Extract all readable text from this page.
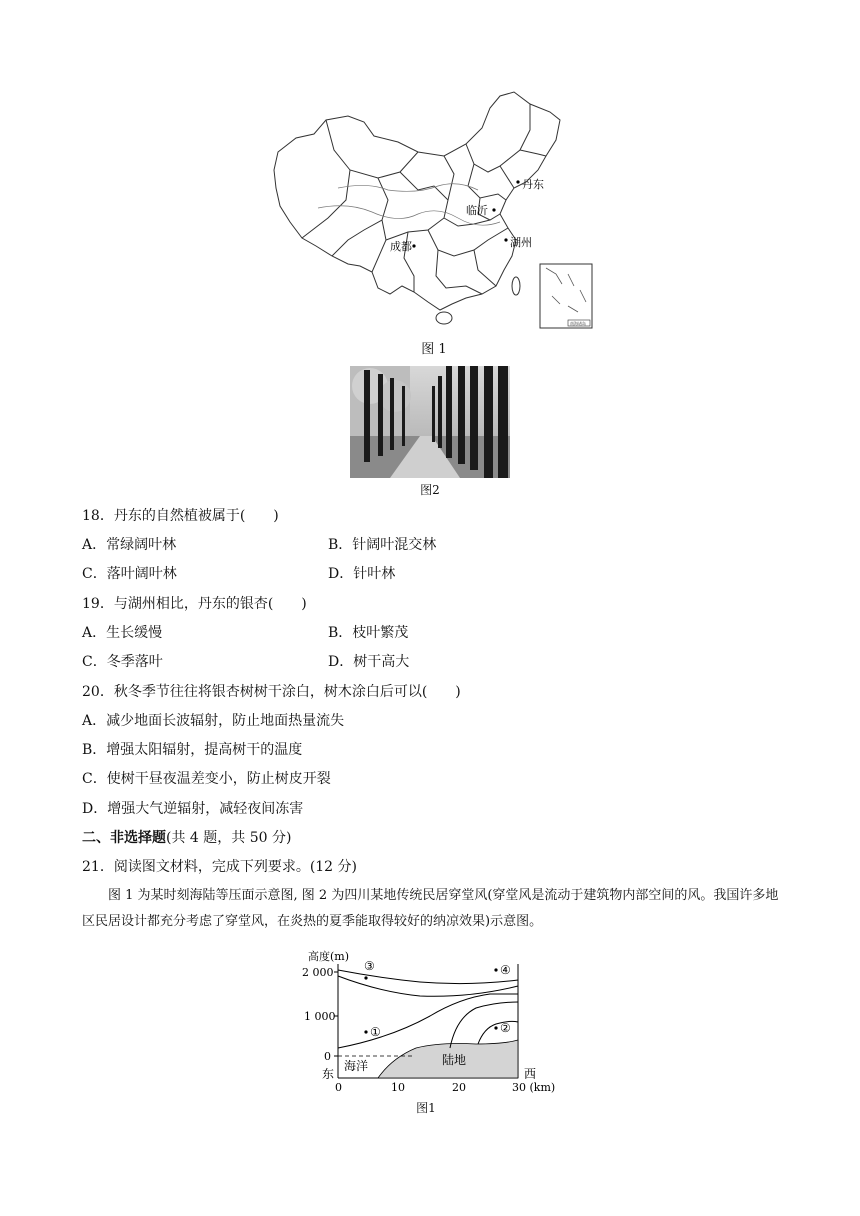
南海诸岛
丹东
临沂
成都	湖州
图 1
图2
18．丹东的自然植被属于(　　)
A．常绿阔叶林	B．针阔叶混交林
C．落叶阔叶林	D．针叶林
19．与湖州相比，丹东的银杏(　　)
A．生长缓慢	B．枝叶繁茂
C．冬季落叶	D．树干高大
20．秋冬季节往往将银杏树树干涂白，树木涂白后可以(　　)
A．减少地面长波辐射，防止地面热量流失
B．增强太阳辐射，提高树干的温度
C．使树干昼夜温差变小，防止树皮开裂
D．增强大气逆辐射，减轻夜间冻害
二、非选择题(共 4 题，共 50 分)
21．阅读图文材料，完成下列要求。(12 分)
图 1 为某时刻海陆等压面示意图, 图 2 为四川某地传统民居穿堂风(穿堂风是流动于建筑物内部空间的风。我国许多地区民居设计都充分考虑了穿堂风，在炎热的夏季能取得较好的纳凉效果)示意图。
高度(m)
2 000
1 000
0
③	④
①	②
海洋	陆地
东	西
0	10	20	30 (km)
图1
